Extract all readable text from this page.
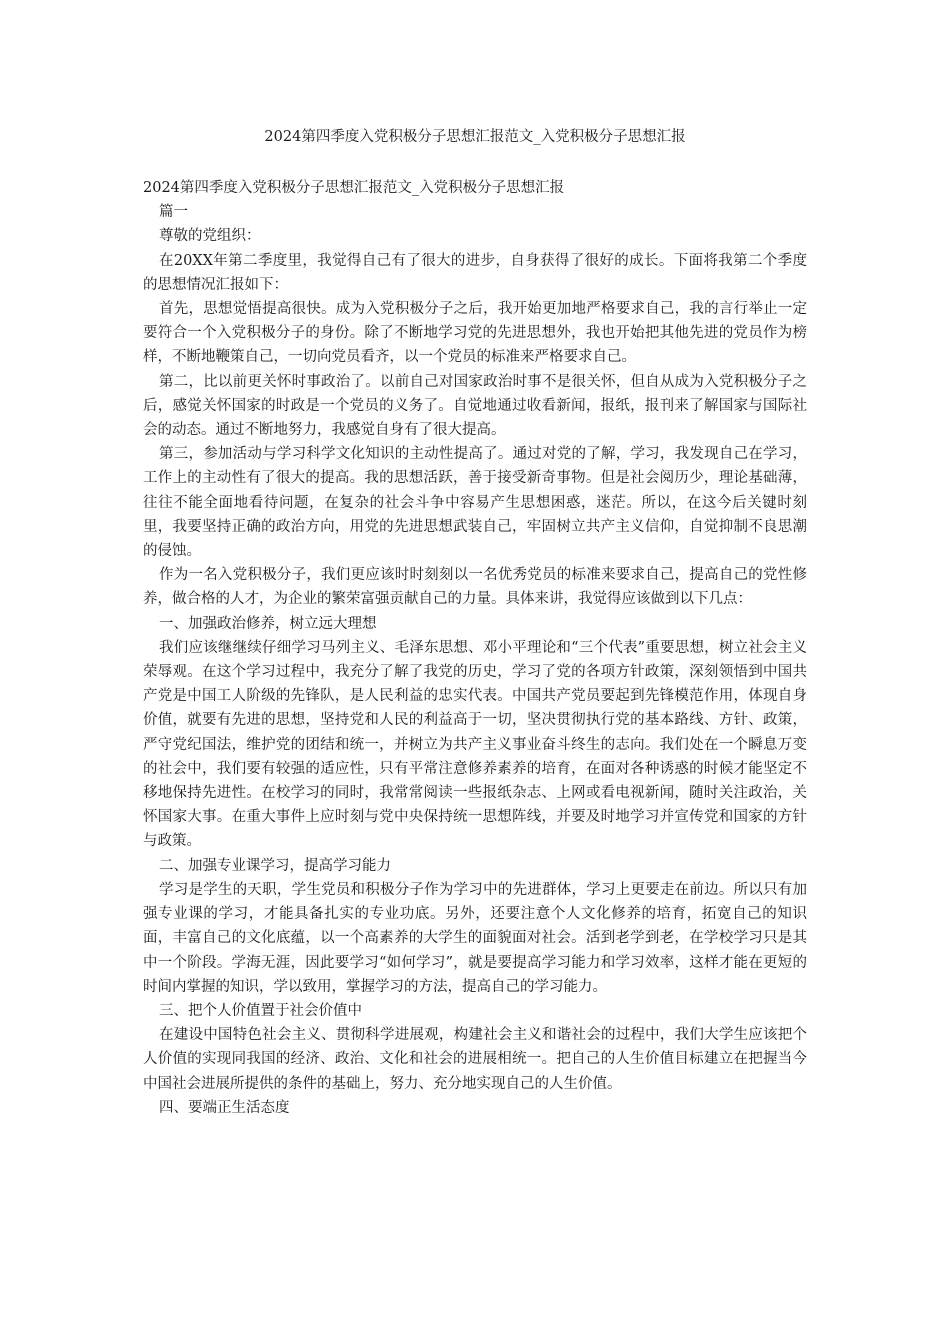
2024第四季度入党积极分子思想汇报范文_入党积极分子思想汇报

2024第四季度入党积极分子思想汇报范文_入党积极分子思想汇报

篇一

尊敬的党组织：

在20XX年第二季度里，我觉得自己有了很大的进步，自身获得了很好的成长。下面将我第二个季度的思想情况汇报如下：

首先，思想觉悟提高很快。成为入党积极分子之后，我开始更加地严格要求自己，我的言行举止一定要符合一个入党积极分子的身份。除了不断地学习党的先进思想外，我也开始把其他先进的党员作为榜样，不断地鞭策自己，一切向党员看齐，以一个党员的标准来严格要求自己。

第二，比以前更关怀时事政治了。以前自己对国家政治时事不是很关怀，但自从成为入党积极分子之后，感觉关怀国家的时政是一个党员的义务了。自觉地通过收看新闻，报纸，报刊来了解国家与国际社会的动态。通过不断地努力，我感觉自身有了很大提高。

第三，参加活动与学习科学文化知识的主动性提高了。通过对党的了解，学习，我发现自己在学习，工作上的主动性有了很大的提高。我的思想活跃，善于接受新奇事物。但是社会阅历少，理论基础薄，往往不能全面地看待问题，在复杂的社会斗争中容易产生思想困惑，迷茫。所以，在这今后关键时刻里，我要坚持正确的政治方向，用党的先进思想武装自己，牢固树立共产主义信仰，自觉抑制不良思潮的侵蚀。

作为一名入党积极分子，我们更应该时时刻刻以一名优秀党员的标准来要求自己，提高自己的党性修养，做合格的人才，为企业的繁荣富强贡献自己的力量。具体来讲，我觉得应该做到以下几点：

一、加强政治修养，树立远大理想

我们应该继继续仔细学习马列主义、毛泽东思想、邓小平理论和“三个代表”重要思想，树立社会主义荣辱观。在这个学习过程中，我充分了解了我党的历史，学习了党的各项方针政策，深刻领悟到中国共产党是中国工人阶级的先锋队，是人民利益的忠实代表。中国共产党员要起到先锋模范作用，体现自身价值，就要有先进的思想，坚持党和人民的利益高于一切，坚决贯彻执行党的基本路线、方针、政策，严守党纪国法，维护党的团结和统一，并树立为共产主义事业奋斗终生的志向。我们处在一个瞬息万变的社会中，我们要有较强的适应性，只有平常注意修养素养的培育，在面对各种诱惑的时候才能坚定不移地保持先进性。在校学习的同时，我常常阅读一些报纸杂志、上网或看电视新闻，随时关注政治，关怀国家大事。在重大事件上应时刻与党中央保持统一思想阵线，并要及时地学习并宣传党和国家的方针与政策。

二、加强专业课学习，提高学习能力

学习是学生的天职，学生党员和积极分子作为学习中的先进群体，学习上更要走在前边。所以只有加强专业课的学习，才能具备扎实的专业功底。另外，还要注意个人文化修养的培育，拓宽自己的知识面，丰富自己的文化底蕴，以一个高素养的大学生的面貌面对社会。活到老学到老，在学校学习只是其中一个阶段。学海无涯，因此要学习“如何学习”，就是要提高学习能力和学习效率，这样才能在更短的时间内掌握的知识，学以致用，掌握学习的方法，提高自己的学习能力。

三、把个人价值置于社会价值中

在建设中国特色社会主义、贯彻科学进展观，构建社会主义和谐社会的过程中，我们大学生应该把个人价值的实现同我国的经济、政治、文化和社会的进展相统一。把自己的人生价值目标建立在把握当今中国社会进展所提供的条件的基础上，努力、充分地实现自己的人生价值。

四、要端正生活态度
